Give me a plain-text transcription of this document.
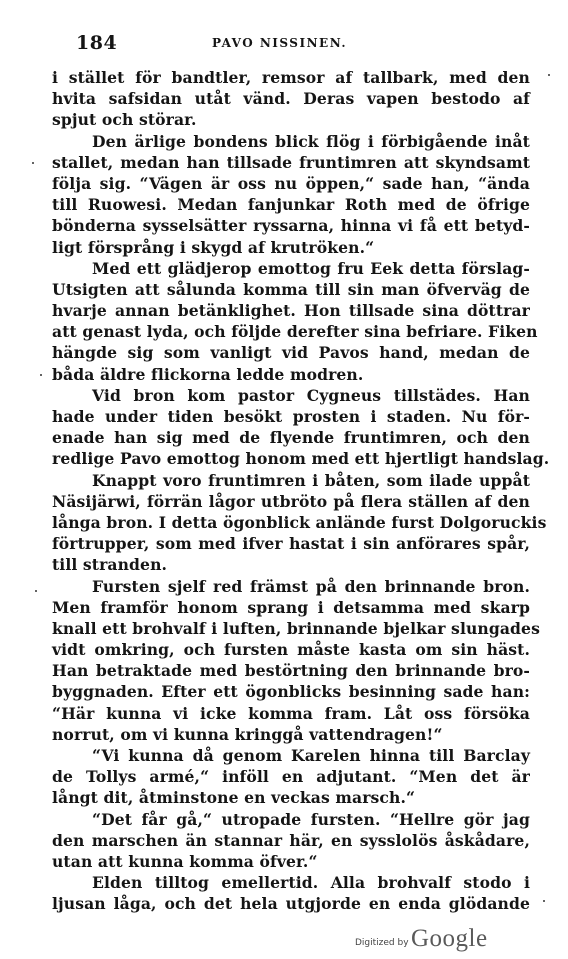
184	PAVO NISSINEN.
i stället för bandtler, remsor af tallbark, med den
hvita safsidan utåt vänd. Deras vapen bestodo af
spjut och störar.
Den ärlige bondens blick flög i förbigående inåt
stallet, medan han tillsade fruntimren att skyndsamt
följa sig. “Vägen är oss nu öppen,“ sade han, “ända
till Ruowesi. Medan fanjunkar Roth med de öfrige
bönderna sysselsätter ryssarna, hinna vi få ett betyd-
ligt försprång i skygd af krutröken.“
Med ett glädjerop emottog fru Eek detta förslag-
Utsigten att sålunda komma till sin man öfverväg de
hvarje annan betänklighet. Hon tillsade sina döttrar
att genast lyda, och följde derefter sina befriare. Fiken
hängde sig som vanligt vid Pavos hand, medan de
båda äldre flickorna ledde modren.
Vid bron kom pastor Cygneus tillstädes. Han
hade under tiden besökt prosten i staden. Nu för-
enade han sig med de flyende fruntimren, och den
redlige Pavo emottog honom med ett hjertligt handslag.
Knappt voro fruntimren i båten, som ilade uppåt
Näsijärwi, förrän lågor utbröto på flera ställen af den
långa bron. I detta ögonblick anlände furst Dolgoruckis
förtrupper, som med ifver hastat i sin anförares spår,
till stranden.
Fursten sjelf red främst på den brinnande bron.
Men framför honom sprang i detsamma med skarp
knall ett brohvalf i luften, brinnande bjelkar slungades
vidt omkring, och fursten måste kasta om sin häst.
Han betraktade med bestörtning den brinnande bro-
byggnaden. Efter ett ögonblicks besinning sade han:
“Här kunna vi icke komma fram. Låt oss försöka
norrut, om vi kunna kringgå vattendragen!“
“Vi kunna då genom Karelen hinna till Barclay
de Tollys armé,“ inföll en adjutant. “Men det är
långt dit, åtminstone en veckas marsch.“
“Det får gå,“ utropade fursten. “Hellre gör jag
den marschen än stannar här, en sysslolös åskådare,
utan att kunna komma öfver.“
Elden tilltog emellertid. Alla brohvalf stodo i
ljusan låga, och det hela utgjorde en enda glödande
Digitized by Google
